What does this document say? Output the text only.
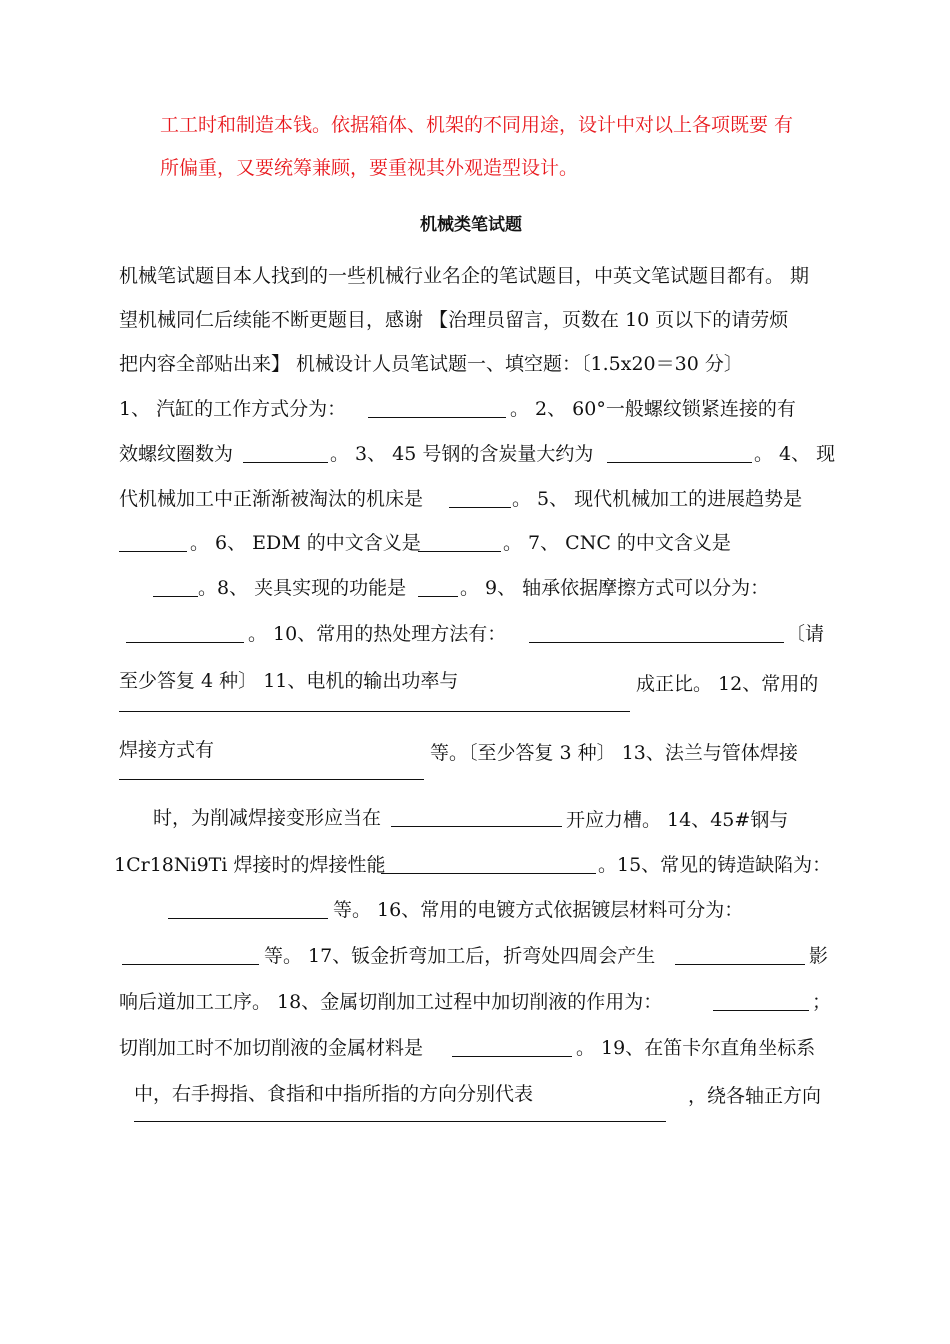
工工时和制造本钱。依据箱体、机架的不同用途，设计中对以上各项既要 有
所偏重，又要统筹兼顾，要重视其外观造型设计。
机械类笔试题
机械笔试题目本人找到的一些机械行业名企的笔试题目，中英文笔试题目都有。 期
望机械同仁后续能不断更题目，感谢 【治理员留言，页数在 10 页以下的请劳烦
把内容全部贴出来】 机械设计人员笔试题一、填空题：〔1.5x20＝30 分〕
1、 汽缸的工作方式分为：	。 2、 60°一般螺纹锁紧连接的有
效螺纹圈数为	。 3、 45 号钢的含炭量大约为	。 4、 现
代机械加工中正渐渐被淘汰的机床是	。 5、 现代机械加工的进展趋势是
。 6、 EDM 的中文含义是	。 7、 CNC 的中文含义是
。8、 夹具实现的功能是	。 9、 轴承依据摩擦方式可以分为：
。 10、常用的热处理方法有：	〔请
至少答复 4 种〕 11、电机的输出功率与	成正比。 12、常用的
焊接方式有	等。〔至少答复 3 种〕 13、法兰与管体焊接
时，为削减焊接变形应当在	开应力槽。 14、45#钢与
1Cr18Ni9Ti 焊接时的焊接性能	。15、常见的铸造缺陷为：
等。 16、常用的电镀方式依据镀层材料可分为：
等。 17、钣金折弯加工后，折弯处四周会产生	影
响后道加工工序。 18、金属切削加工过程中加切削液的作用为：	；
切削加工时不加切削液的金属材料是	。 19、在笛卡尔直角坐标系
中，右手拇指、食指和中指所指的方向分别代表	，绕各轴正方向
